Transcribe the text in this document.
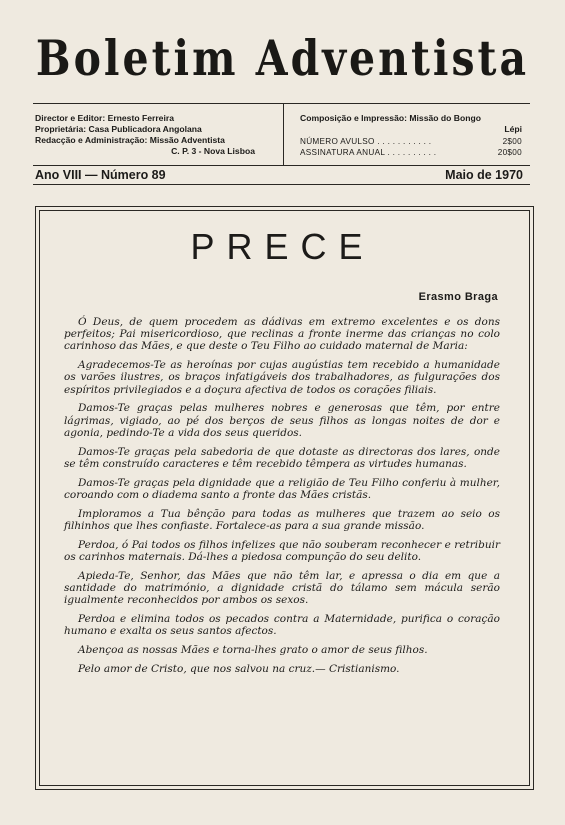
Boletim Adventista
Director e Editor: Ernesto Ferreira
Proprietária: Casa Publicadora Angolana
Redacção e Administração: Missão Adventista
C. P. 3 - Nova Lisboa
Composição e Impressão: Missão do Bongo
Lépi
NÚMERO AVULSO . . . . . . . . . . .	2$00
ASSINATURA ANUAL . . . . . . . . . .	20$00
Ano VIII — Número 89	Maio de 1970
PRECE
Erasmo Braga

Ó Deus, de quem procedem as dádivas em extremo excelentes e os dons perfeitos; Pai misericordioso, que reclinas a fronte inerme das crianças no colo carinhoso das Mães, e que deste o Teu Filho ao cuidado maternal de Maria:

Agradecemos-Te as heroínas por cujas augústias tem recebido a humanidade os varões ilustres, os braços infatigáveis dos trabalhadores, as fulgurações dos espíritos privilegiados e a doçura afectiva de todos os corações filiais.

Damos-Te graças pelas mulheres nobres e generosas que têm, por entre lágrimas, vigiado, ao pé dos berços de seus filhos as longas noites de dor e agonia, pedindo-Te a vida dos seus queridos.

Damos-Te graças pela sabedoria de que dotaste as directoras dos lares, onde se têm construído caracteres e têm recebido têmpera as virtudes humanas.

Damos-Te graças pela dignidade que a religião de Teu Filho conferiu à mulher, coroando com o diadema santo a fronte das Mães cristãs.

Imploramos a Tua bênção para todas as mulheres que trazem ao seio os filhinhos que lhes confiaste. Fortalece-as para a sua grande missão.

Perdoa, ó Pai todos os filhos infelizes que não souberam reconhecer e retribuir os carinhos maternais. Dá-lhes a piedosa compunção do seu delito.

Apieda-Te, Senhor, das Mães que não têm lar, e apressa o dia em que a santidade do matrimónio, a dignidade cristã do tálamo sem mácula serão igualmente reconhecidos por ambos os sexos.

Perdoa e elimina todos os pecados contra a Maternidade, purifica o coração humano e exalta os seus santos afectos.

Abençoa as nossas Mães e torna-lhes grato o amor de seus filhos.

Pelo amor de Cristo, que nos salvou na cruz.— Cristianismo.
